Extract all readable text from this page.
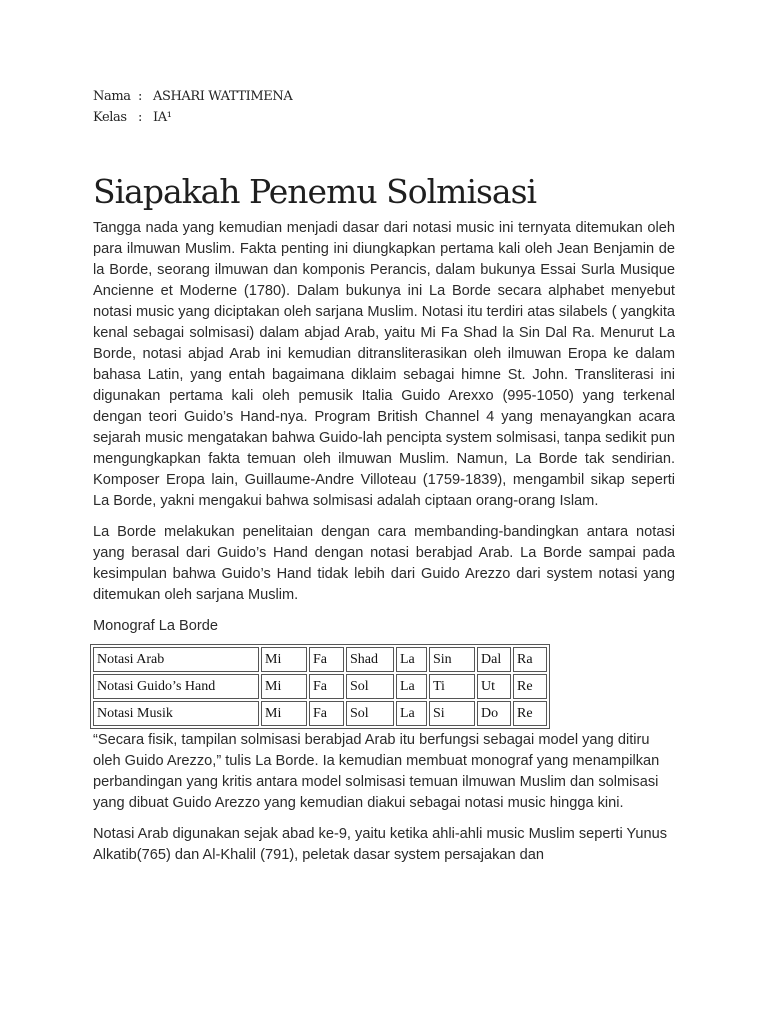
Nama : ASHARI WATTIMENA
Kelas : IA¹
Siapakah Penemu Solmisasi

Tangga nada yang kemudian menjadi dasar dari notasi music ini ternyata ditemukan oleh para ilmuwan Muslim. Fakta penting ini diungkapkan pertama kali oleh Jean Benjamin de la Borde, seorang ilmuwan dan komponis Perancis, dalam bukunya Essai Surla Musique Ancienne et Moderne (1780). Dalam bukunya ini La Borde secara alphabet menyebut notasi music yang diciptakan oleh sarjana Muslim. Notasi itu terdiri atas silabels ( yangkita kenal sebagai solmisasi) dalam abjad Arab, yaitu Mi Fa Shad la Sin Dal Ra. Menurut La Borde, notasi abjad Arab ini kemudian ditransliterasikan oleh ilmuwan Eropa ke dalam bahasa Latin, yang entah bagaimana diklaim sebagai himne St. John. Transliterasi ini digunakan pertama kali oleh pemusik Italia Guido Arexxo (995-1050) yang terkenal dengan teori Guido’s Hand-nya. Program British Channel 4 yang menayangkan acara sejarah music mengatakan bahwa Guido-lah pencipta system solmisasi, tanpa sedikit pun mengungkapkan fakta temuan oleh ilmuwan Muslim. Namun, La Borde tak sendirian. Komposer Eropa lain, Guillaume-Andre Villoteau (1759-1839), mengambil sikap seperti La Borde, yakni mengakui bahwa solmisasi adalah ciptaan orang-orang Islam.

La Borde melakukan penelitaian dengan cara membanding-bandingkan antara notasi yang berasal dari Guido’s Hand dengan notasi berabjad Arab. La Borde sampai pada kesimpulan bahwa Guido’s Hand tidak lebih dari Guido Arezzo dari system notasi yang ditemukan oleh sarjana Muslim.

Monograf La Borde
Notasi Arab	Mi	Fa	Shad	La	Sin	Dal	Ra
Notasi Guido’s Hand	Mi	Fa	Sol	La	Ti	Ut	Re
Notasi Musik	Mi	Fa	Sol	La	Si	Do	Re

“Secara fisik, tampilan solmisasi berabjad Arab itu berfungsi sebagai model yang ditiru oleh Guido Arezzo,” tulis La Borde. Ia kemudian membuat monograf yang menampilkan perbandingan yang kritis antara model solmisasi temuan ilmuwan Muslim dan solmisasi yang dibuat Guido Arezzo yang kemudian diakui sebagai notasi music hingga kini.

Notasi Arab digunakan sejak abad ke-9, yaitu ketika ahli-ahli music Muslim seperti Yunus Alkatib(765) dan Al-Khalil (791), peletak dasar system persajakan dan
